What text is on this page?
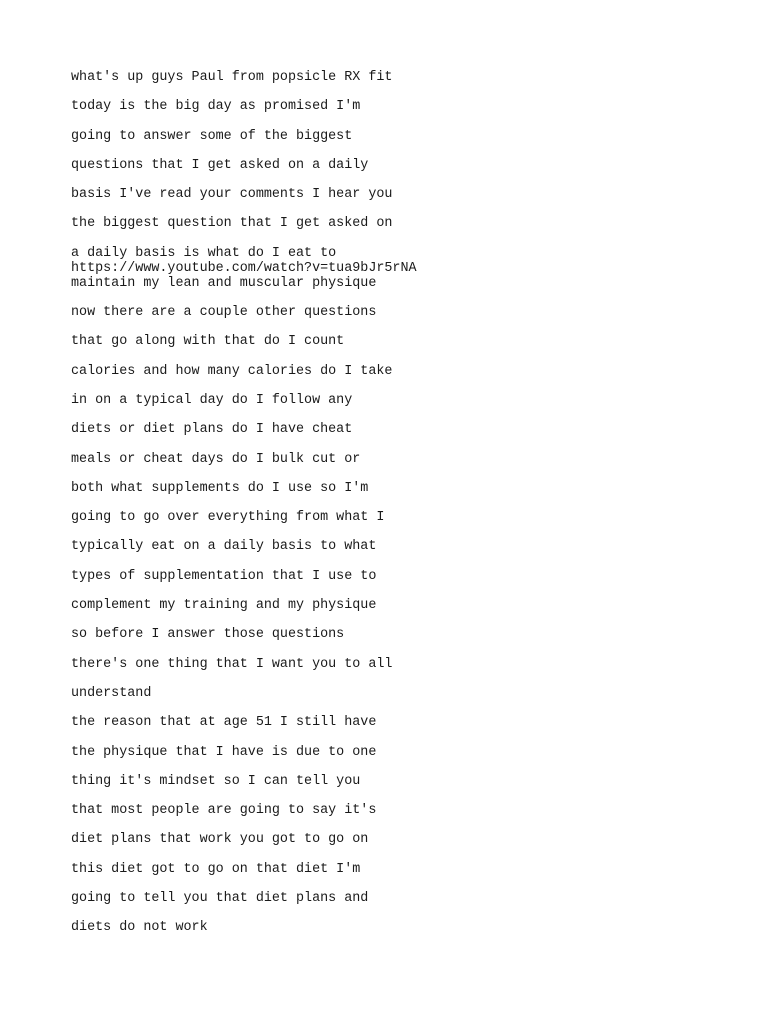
what's up guys Paul from popsicle RX fit
today is the big day as promised I'm
going to answer some of the biggest
questions that I get asked on a daily
basis I've read your comments I hear you
the biggest question that I get asked on
a daily basis is what do I eat to
https://www.youtube.com/watch?v=tua9bJr5rNA
maintain my lean and muscular physique
now there are a couple other questions
that go along with that do I count
calories and how many calories do I take
in on a typical day do I follow any
diets or diet plans do I have cheat
meals or cheat days do I bulk cut or
both what supplements do I use so I'm
going to go over everything from what I
typically eat on a daily basis to what
types of supplementation that I use to
complement my training and my physique
so before I answer those questions
there's one thing that I want you to all
understand
the reason that at age 51 I still have
the physique that I have is due to one
thing it's mindset so I can tell you
that most people are going to say it's
diet plans that work you got to go on
this diet got to go on that diet I'm
going to tell you that diet plans and
diets do not work
